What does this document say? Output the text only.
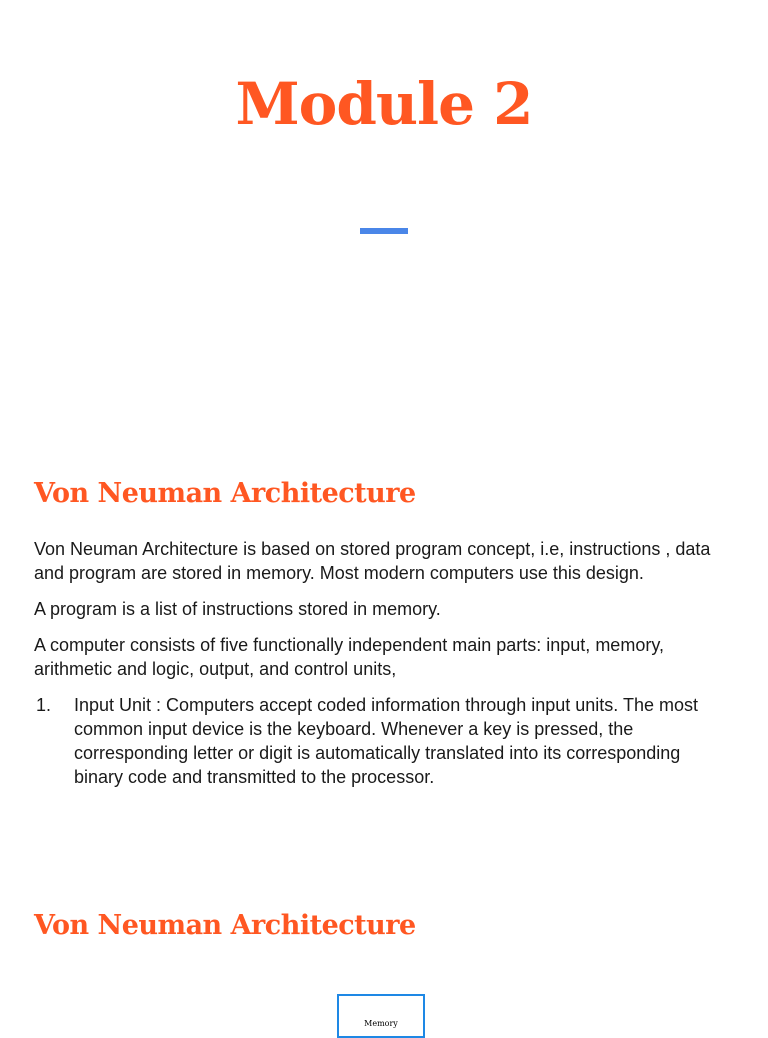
Module 2
Von Neuman Architecture

Von Neuman Architecture is based on stored program concept, i.e, instructions , data and program are stored in memory. Most modern computers use this design.

A program is a list of instructions stored in memory.

A computer consists of five functionally independent main parts: input, memory, arithmetic and logic, output, and control units,

1.	Input Unit : Computers accept coded information through input units. The most common input device is the keyboard. Whenever a key is pressed, the corresponding letter or digit is automatically translated into its corresponding binary code and transmitted to the processor.
Von Neuman Architecture
Memory
